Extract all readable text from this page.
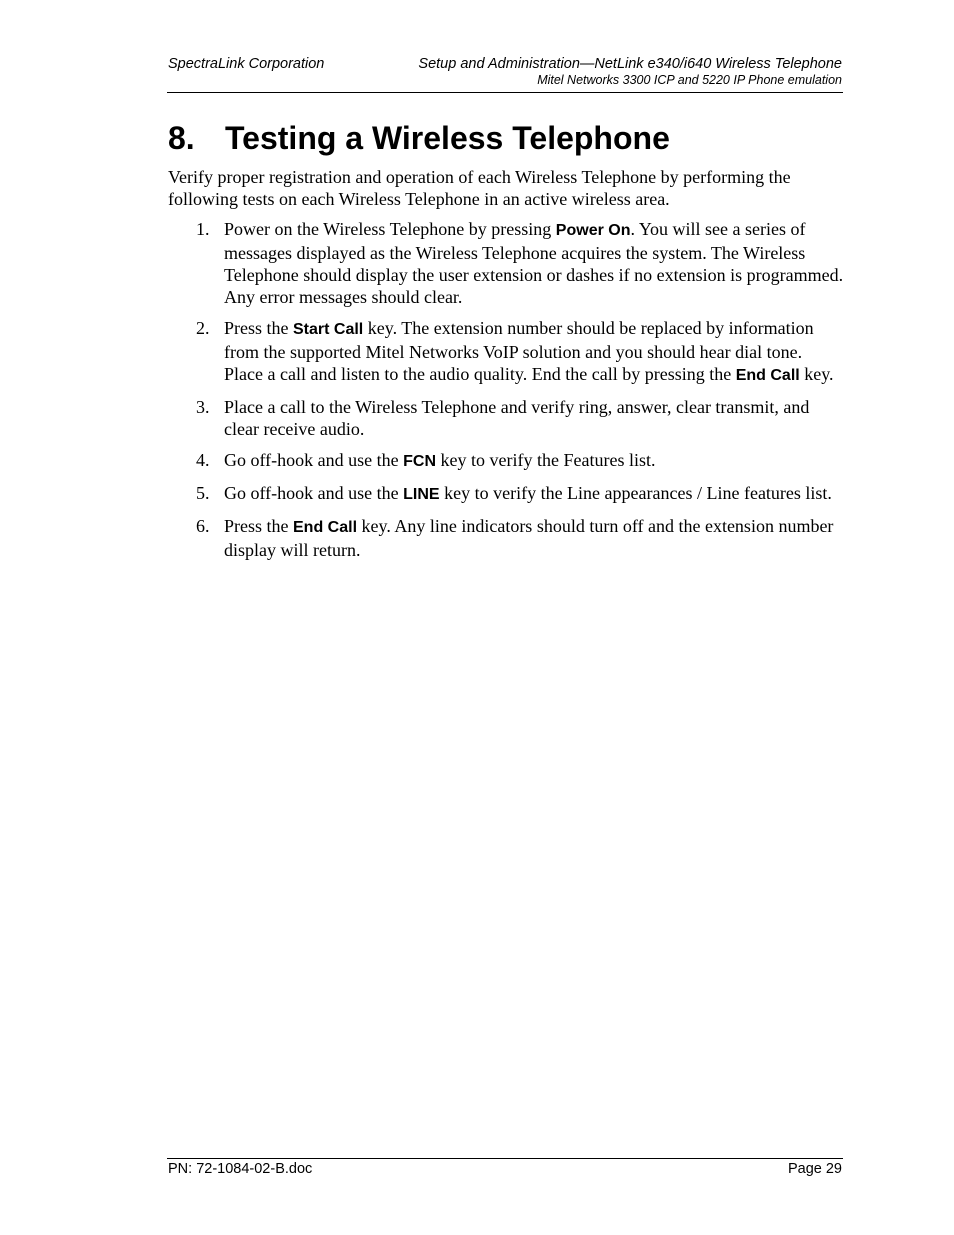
SpectraLink Corporation	Setup and Administration—NetLink e340/i640 Wireless Telephone
Mitel Networks 3300 ICP and 5220 IP Phone emulation
8. Testing a Wireless Telephone

Verify proper registration and operation of each Wireless Telephone by performing the following tests on each Wireless Telephone in an active wireless area.

1. Power on the Wireless Telephone by pressing Power On. You will see a series of messages displayed as the Wireless Telephone acquires the system. The Wireless Telephone should display the user extension or dashes if no extension is programmed. Any error messages should clear.
2. Press the Start Call key. The extension number should be replaced by information from the supported Mitel Networks VoIP solution and you should hear dial tone. Place a call and listen to the audio quality. End the call by pressing the End Call key.
3. Place a call to the Wireless Telephone and verify ring, answer, clear transmit, and clear receive audio.
4. Go off-hook and use the FCN key to verify the Features list.
5. Go off-hook and use the LINE key to verify the Line appearances / Line features list.
6. Press the End Call key. Any line indicators should turn off and the extension number display will return.
PN: 72-1084-02-B.doc	Page 29
